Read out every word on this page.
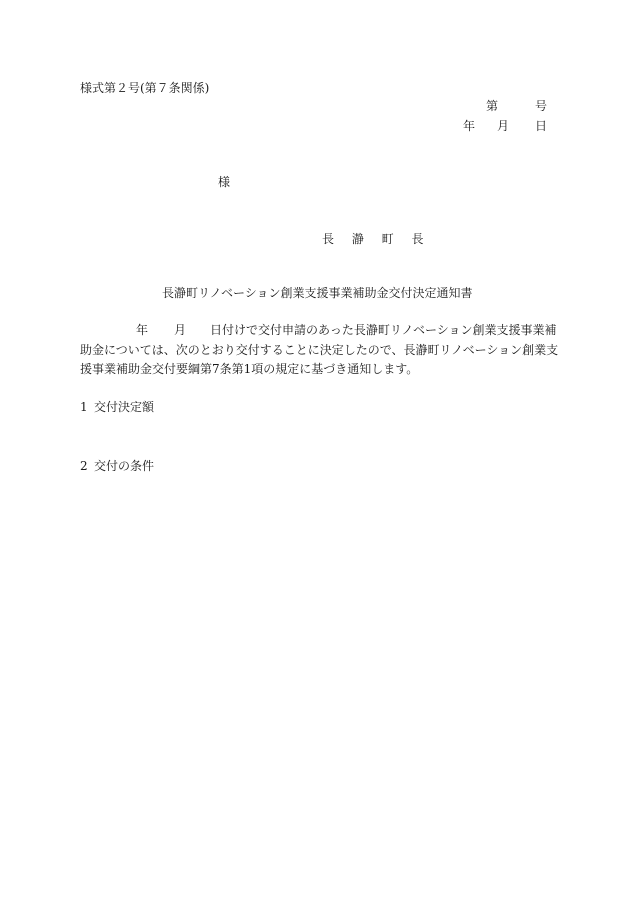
様式第２号(第７条関係)
第	号
年 月 日
様
長 瀞 町 長
長瀞町リノベーション創業支援事業補助金交付決定通知書
年 月 日付けで交付申請のあった長瀞町リノベーション創業支援事業補
助金については、次のとおり交付することに決定したので、長瀞町リノベーション創業支
援事業補助金交付要綱第7条第1項の規定に基づき通知します。
1 交付決定額
2 交付の条件
